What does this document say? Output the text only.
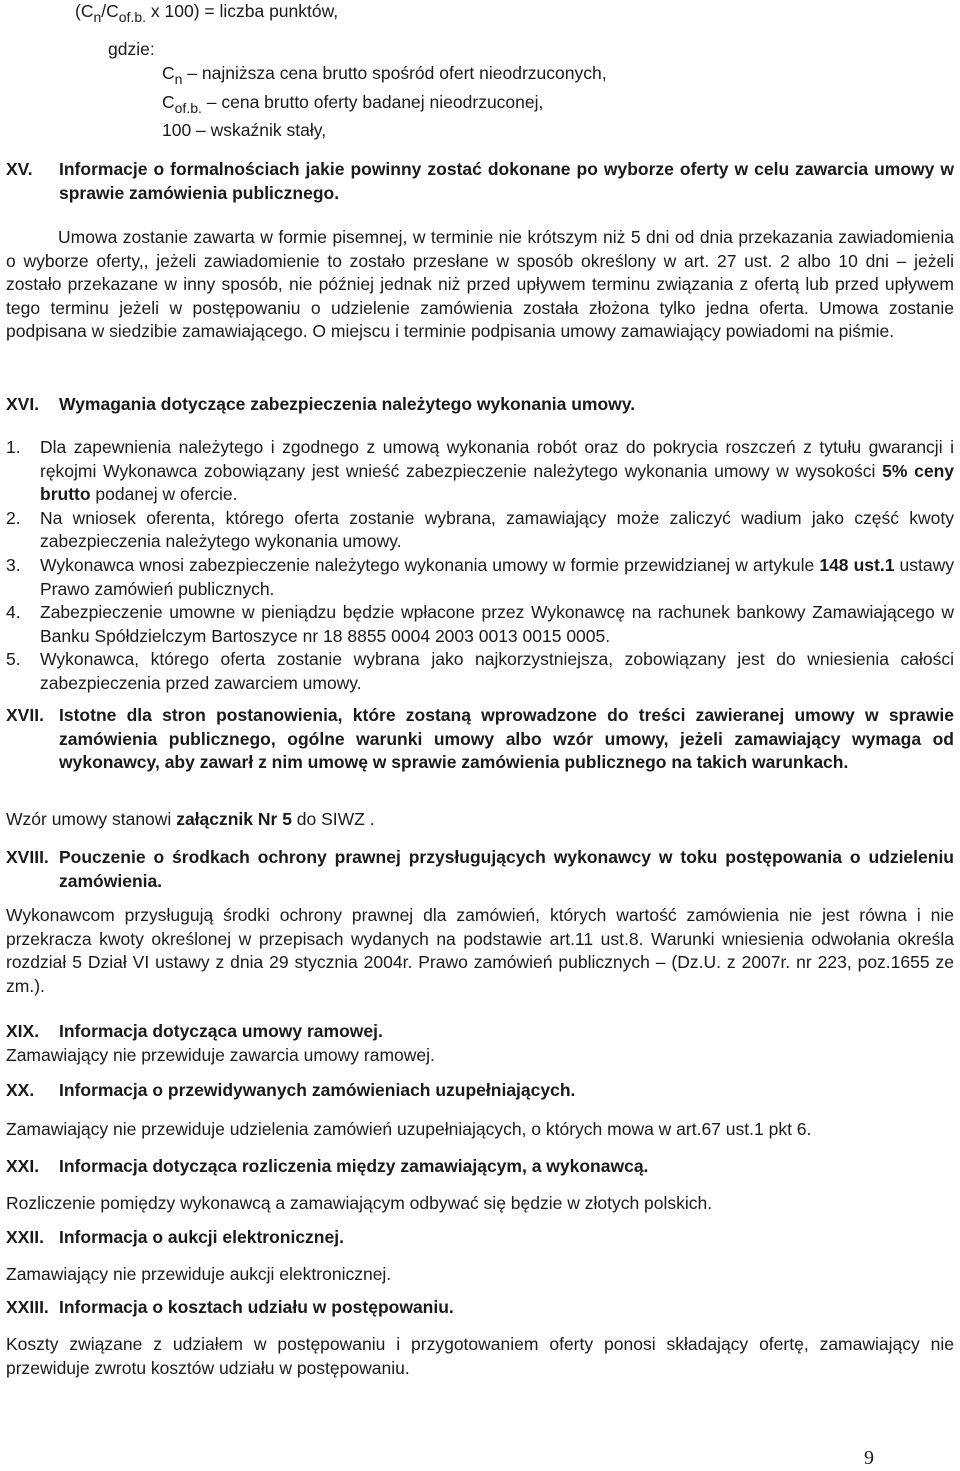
($C_n/C_{of.b.}$ x 100) = liczba punktów,
gdzie:
$C_n$ – najniższa cena brutto spośród ofert nieodrzuconych,
$C_{of.b.}$ – cena brutto oferty badanej nieodrzuconej,
100 – wskaźnik stały,
XV.	Informacje o formalnościach jakie powinny zostać dokonane po wyborze oferty w celu zawarcia umowy w sprawie zamówienia publicznego.
Umowa zostanie zawarta w formie pisemnej, w terminie nie krótszym niż 5 dni od dnia przekazania zawiadomienia o wyborze oferty,, jeżeli zawiadomienie to zostało przesłane w sposób określony w art. 27 ust. 2 albo 10 dni – jeżeli zostało przekazane w inny sposób, nie później jednak niż przed upływem terminu związania z ofertą lub przed upływem tego terminu jeżeli w postępowaniu o udzielenie zamówienia została złożona tylko jedna oferta. Umowa zostanie podpisana w siedzibie zamawiającego. O miejscu i terminie podpisania umowy zamawiający powiadomi na piśmie.
XVI.	Wymagania dotyczące zabezpieczenia należytego wykonania umowy.
1.	Dla zapewnienia należytego i zgodnego z umową wykonania robót oraz do pokrycia roszczeń z tytułu gwarancji i rękojmi Wykonawca zobowiązany jest wnieść zabezpieczenie należytego wykonania umowy w wysokości 5% ceny brutto podanej w ofercie.
2.	Na wniosek oferenta, którego oferta zostanie wybrana, zamawiający może zaliczyć wadium jako część kwoty zabezpieczenia należytego wykonania umowy.
3.	Wykonawca wnosi zabezpieczenie należytego wykonania umowy w formie przewidzianej w artykule 148 ust.1 ustawy Prawo zamówień publicznych.
4.	Zabezpieczenie umowne w pieniądzu będzie wpłacone przez Wykonawcę na rachunek bankowy Zamawiającego w Banku Spółdzielczym Bartoszyce nr 18 8855 0004 2003 0013 0015 0005.
5.	Wykonawca, którego oferta zostanie wybrana jako najkorzystniejsza, zobowiązany jest do wniesienia całości zabezpieczenia przed zawarciem umowy.
XVII. Istotne dla stron postanowienia, które zostaną wprowadzone do treści zawieranej umowy w sprawie zamówienia publicznego, ogólne warunki umowy albo wzór umowy, jeżeli zamawiający wymaga od wykonawcy, aby zawarł z nim umowę w sprawie zamówienia publicznego na takich warunkach.
Wzór umowy stanowi załącznik Nr 5 do SIWZ .
XVIII. Pouczenie o środkach ochrony prawnej przysługujących wykonawcy w toku postępowania o udzieleniu zamówienia.
Wykonawcom przysługują środki ochrony prawnej dla zamówień, których wartość zamówienia nie jest równa i nie przekracza kwoty określonej w przepisach wydanych na podstawie art.11 ust.8. Warunki wniesienia odwołania określa rozdział 5 Dział VI ustawy z dnia 29 stycznia 2004r. Prawo zamówień publicznych – (Dz.U. z 2007r. nr 223, poz.1655 ze zm.).
XIX.	Informacja dotycząca umowy ramowej.
Zamawiający nie przewiduje zawarcia umowy ramowej.
XX.	Informacja o przewidywanych zamówieniach uzupełniających.
Zamawiający nie przewiduje udzielenia zamówień uzupełniających, o których mowa w art.67 ust.1 pkt 6.
XXI.	Informacja dotycząca rozliczenia między zamawiającym, a wykonawcą.
Rozliczenie pomiędzy wykonawcą a zamawiającym odbywać się będzie w złotych polskich.
XXII. Informacja o aukcji elektronicznej.
Zamawiający nie przewiduje aukcji elektronicznej.
XXIII. Informacja o kosztach udziału w postępowaniu.
Koszty związane z udziałem w postępowaniu i przygotowaniem oferty ponosi składający ofertę, zamawiający nie przewiduje zwrotu kosztów udziału w postępowaniu.
9
